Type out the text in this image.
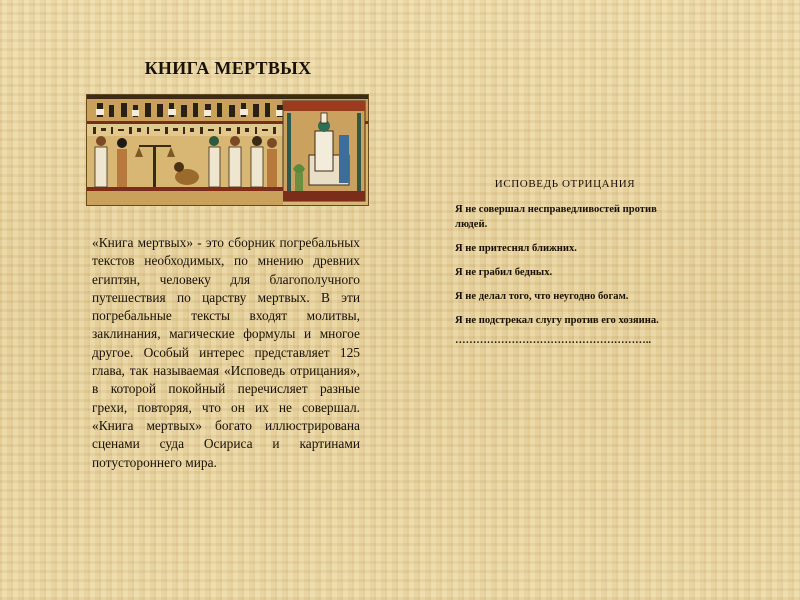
КНИГА МЕРТВЫХ

«Книга мертвых» - это сборник погребальных текстов необходимых, по мнению древних египтян, человеку для благополучного путешествия по царству мертвых. В эти погребальные тексты входят молитвы, заклинания, магические формулы и многое другое. Особый интерес представляет 125 глава, так называемая «Исповедь отрицания», в которой покойный перечисляет разные грехи, повторяя, что он их не совершал. «Книга мертвых» богато иллюстрирована сценами суда Осириса и картинами потустороннего мира.

ИСПОВЕДЬ ОТРИЦАНИЯ
Я не совершал несправедливостей против людей.
Я не притеснял ближних.
Я не грабил бедных.
Я не делал того, что неугодно богам.
Я не подстрекал слугу против его хозяина.
………………………………………………..
